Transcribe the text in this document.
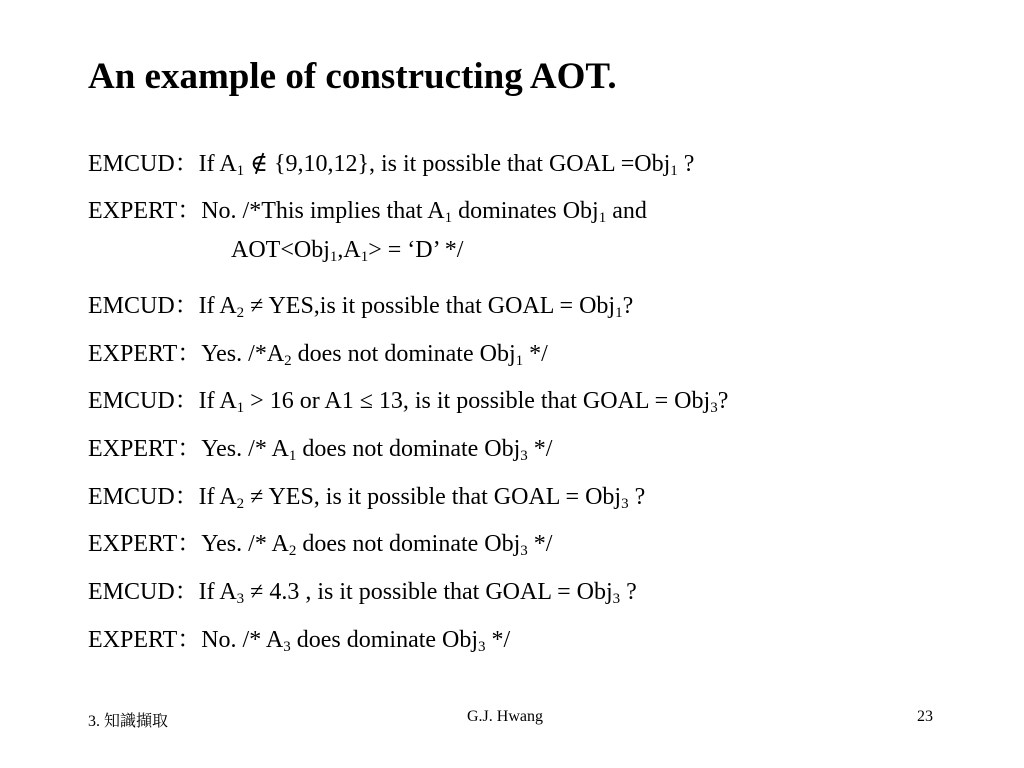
An example of constructing AOT.
EMCUD：If $A_1$ ∉ {9,10,12}, is it possible that GOAL =Obj$_1$ ?
EXPERT：No. /*This implies that $A_1$ dominates Obj$_1$ and
$AOT<Obj_1,A_1>$ = ‘D’ */
EMCUD：If $A_2 \ne YES,is$ it possible that GOAL = Obj$_1$?
EXPERT：Yes. $/*A_2$ does not dominate Obj$_1$ */
EMCUD：If $A_1 > 16$ or A1 ≤ 13, is it possible that GOAL = Obj$_3$?
EXPERT：Yes. /* $A_1$ does not dominate Obj$_3$ */
EMCUD：If $A_2$ ≠ YES, is it possible that GOAL = Obj$_3$ ?
EXPERT：Yes. /* $A_2$ does not dominate Obj$_3$ */
EMCUD：If $A_3 \ne 4.3$ , is it possible that GOAL = Obj$_3$ ?
EXPERT：No. /* $A_3$ does dominate Obj$_3$ */
3. 知識擷取	G.J. Hwang	23
